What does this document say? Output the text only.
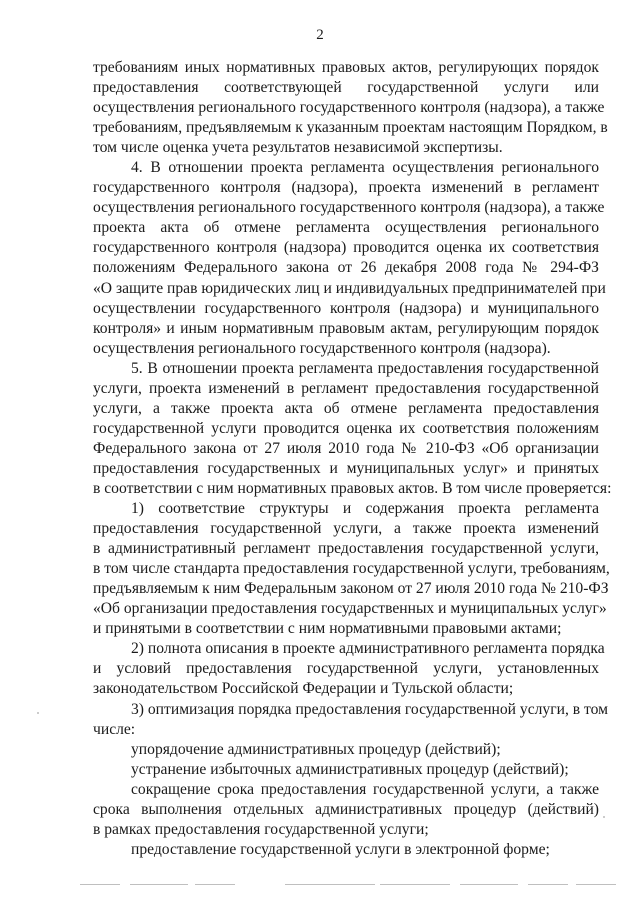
2
требованиям иных нормативных правовых актов, регулирующих порядок
предоставления соответствующей государственной услуги или
осуществления регионального государственного контроля (надзора), а также
требованиям, предъявляемым к указанным проектам настоящим Порядком, в
том числе оценка учета результатов независимой экспертизы.
4. В отношении проекта регламента осуществления регионального
государственного контроля (надзора), проекта изменений в регламент
осуществления регионального государственного контроля (надзора), а также
проекта акта об отмене регламента осуществления регионального
государственного контроля (надзора) проводится оценка их соответствия
положениям Федерального закона от 26 декабря 2008 года № 294-ФЗ
«О защите прав юридических лиц и индивидуальных предпринимателей при
осуществлении государственного контроля (надзора) и муниципального
контроля» и иным нормативным правовым актам, регулирующим порядок
осуществления регионального государственного контроля (надзора).
5. В отношении проекта регламента предоставления государственной
услуги, проекта изменений в регламент предоставления государственной
услуги, а также проекта акта об отмене регламента предоставления
государственной услуги проводится оценка их соответствия положениям
Федерального закона от 27 июля 2010 года № 210-ФЗ «Об организации
предоставления государственных и муниципальных услуг» и принятых
в соответствии с ним нормативных правовых актов. В том числе проверяется:
1) соответствие структуры и содержания проекта регламента
предоставления государственной услуги, а также проекта изменений
в административный регламент предоставления государственной услуги,
в том числе стандарта предоставления государственной услуги, требованиям,
предъявляемым к ним Федеральным законом от 27 июля 2010 года № 210-ФЗ
«Об организации предоставления государственных и муниципальных услуг»
и принятыми в соответствии с ним нормативными правовыми актами;
2) полнота описания в проекте административного регламента порядка
и условий предоставления государственной услуги, установленных
законодательством Российской Федерации и Тульской области;
3) оптимизация порядка предоставления государственной услуги, в том
числе:
упорядочение административных процедур (действий);
устранение избыточных административных процедур (действий);
сокращение срока предоставления государственной услуги, а также
срока выполнения отдельных административных процедур (действий)
в рамках предоставления государственной услуги;
предоставление государственной услуги в электронной форме;
